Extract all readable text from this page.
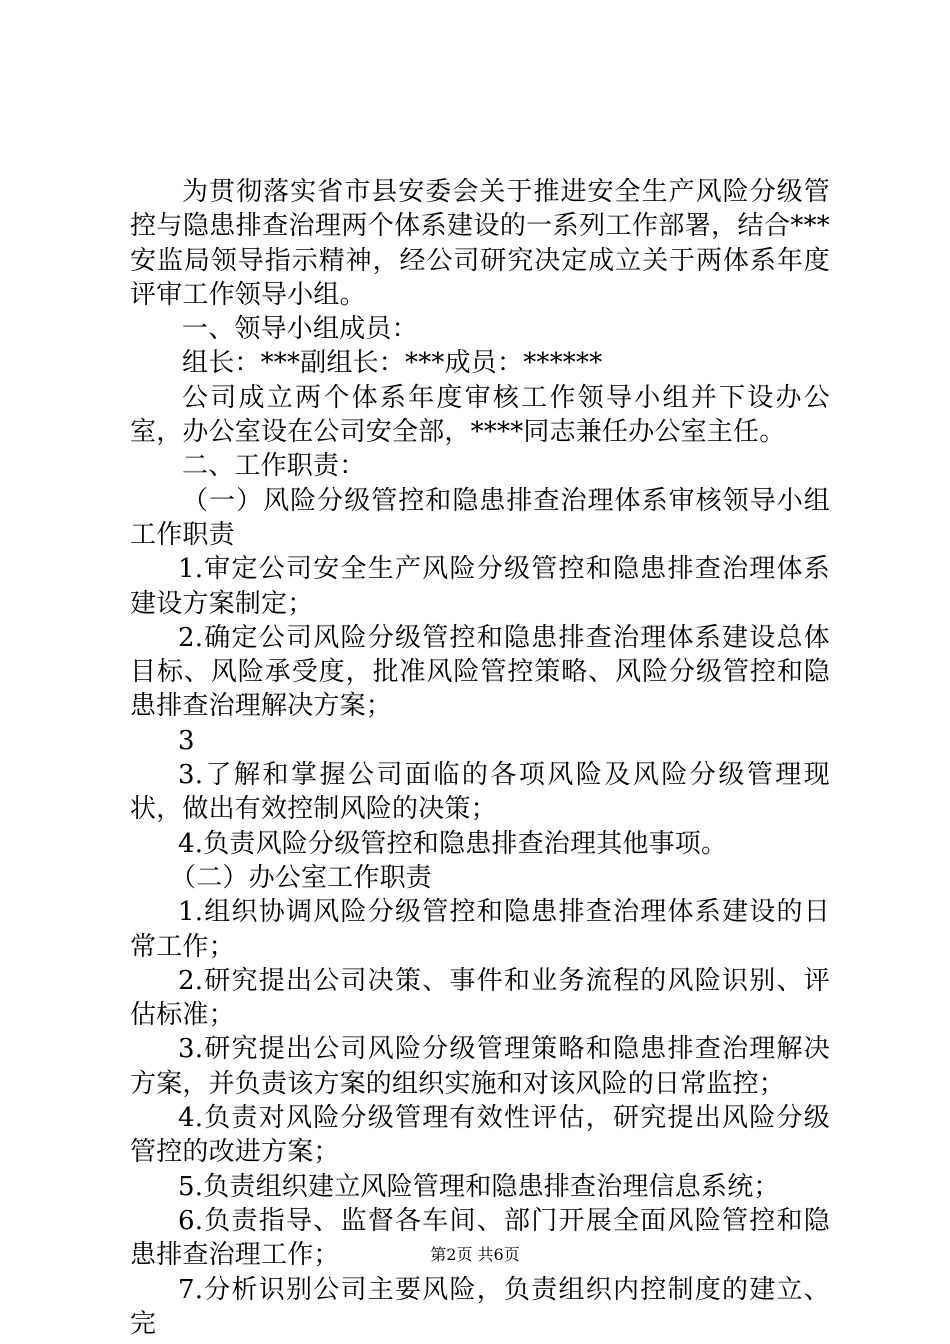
为贯彻落实省市县安委会关于推进安全生产风险分级管控与隐患排查治理两个体系建设的一系列工作部署，结合***安监局领导指示精神，经公司研究决定成立关于两体系年度评审工作领导小组。

一、领导小组成员：

组长：***副组长：***成员：******

公司成立两个体系年度审核工作领导小组并下设办公室，办公室设在公司安全部，****同志兼任办公室主任。

二、工作职责：

（一）风险分级管控和隐患排查治理体系审核领导小组工作职责

1.审定公司安全生产风险分级管控和隐患排查治理体系建设方案制定；

2.确定公司风险分级管控和隐患排查治理体系建设总体目标、风险承受度，批准风险管控策略、风险分级管控和隐患排查治理解决方案；

3

3.了解和掌握公司面临的各项风险及风险分级管理现状，做出有效控制风险的决策；

4.负责风险分级管控和隐患排查治理其他事项。

（二）办公室工作职责

1.组织协调风险分级管控和隐患排查治理体系建设的日常工作；

2.研究提出公司决策、事件和业务流程的风险识别、评估标准；

3.研究提出公司风险分级管理策略和隐患排查治理解决方案，并负责该方案的组织实施和对该风险的日常监控；

4.负责对风险分级管理有效性评估，研究提出风险分级管控的改进方案；

5.负责组织建立风险管理和隐患排查治理信息系统；

6.负责指导、监督各车间、部门开展全面风险管控和隐患排查治理工作；

7.分析识别公司主要风险，负责组织内控制度的建立、完

第2页 共6页
